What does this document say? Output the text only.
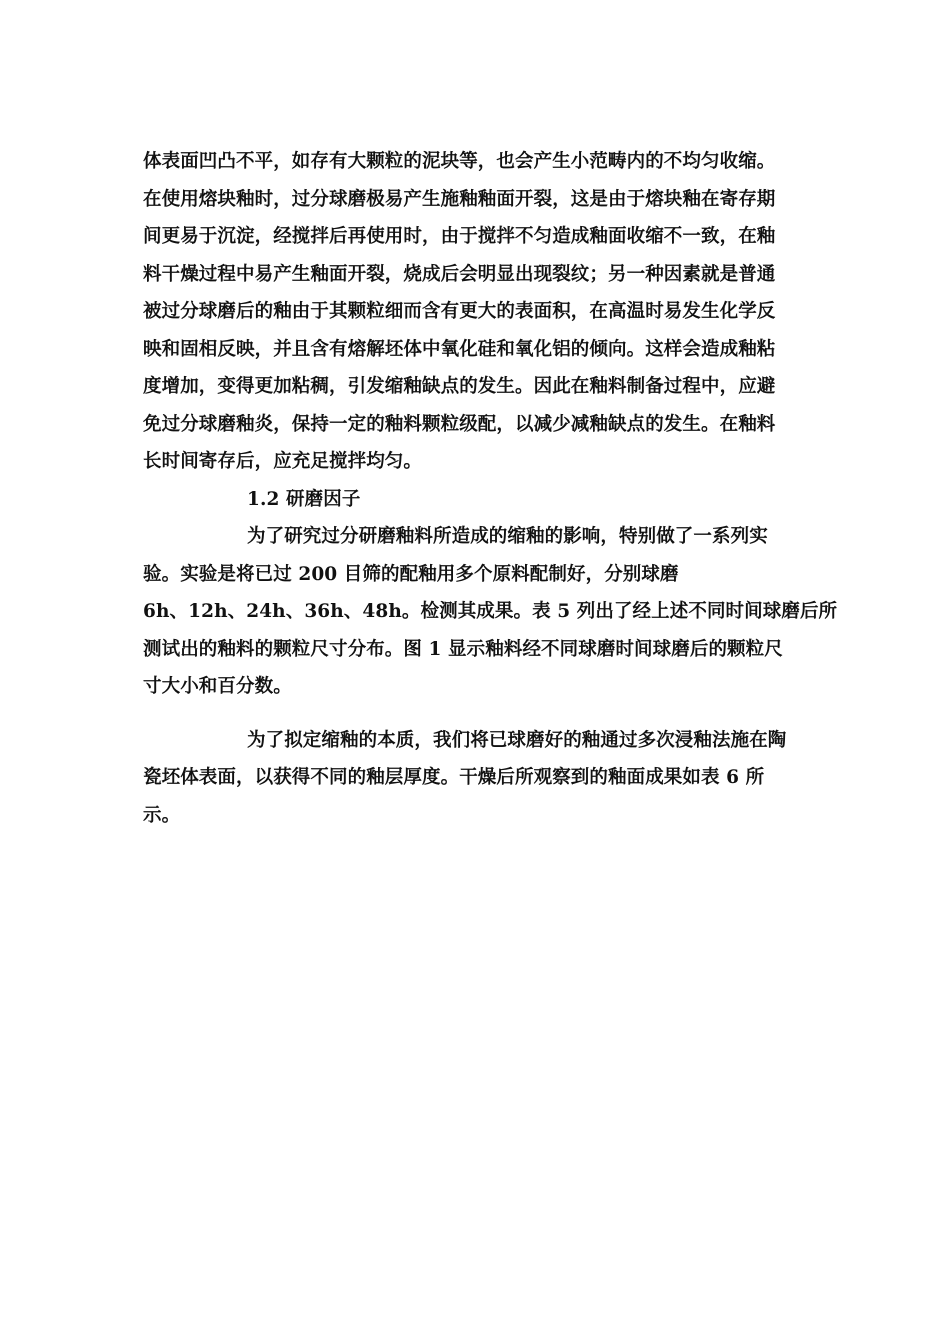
体表面凹凸不平，如存有大颗粒的泥块等，也会产生小范畴内的不均匀收缩。
在使用熔块釉时，过分球磨极易产生施釉釉面开裂，这是由于熔块釉在寄存期
间更易于沉淀，经搅拌后再使用时，由于搅拌不匀造成釉面收缩不一致，在釉
料干燥过程中易产生釉面开裂，烧成后会明显出现裂纹；另一种因素就是普通
被过分球磨后的釉由于其颗粒细而含有更大的表面积，在高温时易发生化学反
映和固相反映，并且含有熔解坯体中氧化硅和氧化铝的倾向。这样会造成釉粘
度增加，变得更加粘稠，引发缩釉缺点的发生。因此在釉料制备过程中，应避
免过分球磨釉炎，保持一定的釉料颗粒级配，以减少减釉缺点的发生。在釉料
长时间寄存后，应充足搅拌均匀。
1.2 研磨因子
为了研究过分研磨釉料所造成的缩釉的影响，特别做了一系列实
验。实验是将已过 200 目筛的配釉用多个原料配制好，分别球磨
6h、12h、24h、36h、48h。检测其成果。表 5 列出了经上述不同时间球磨后所
测试出的釉料的颗粒尺寸分布。图 1 显示釉料经不同球磨时间球磨后的颗粒尺
寸大小和百分数。
为了拟定缩釉的本质，我们将已球磨好的釉通过多次浸釉法施在陶
瓷坯体表面，以获得不同的釉层厚度。干燥后所观察到的釉面成果如表 6 所
示。
